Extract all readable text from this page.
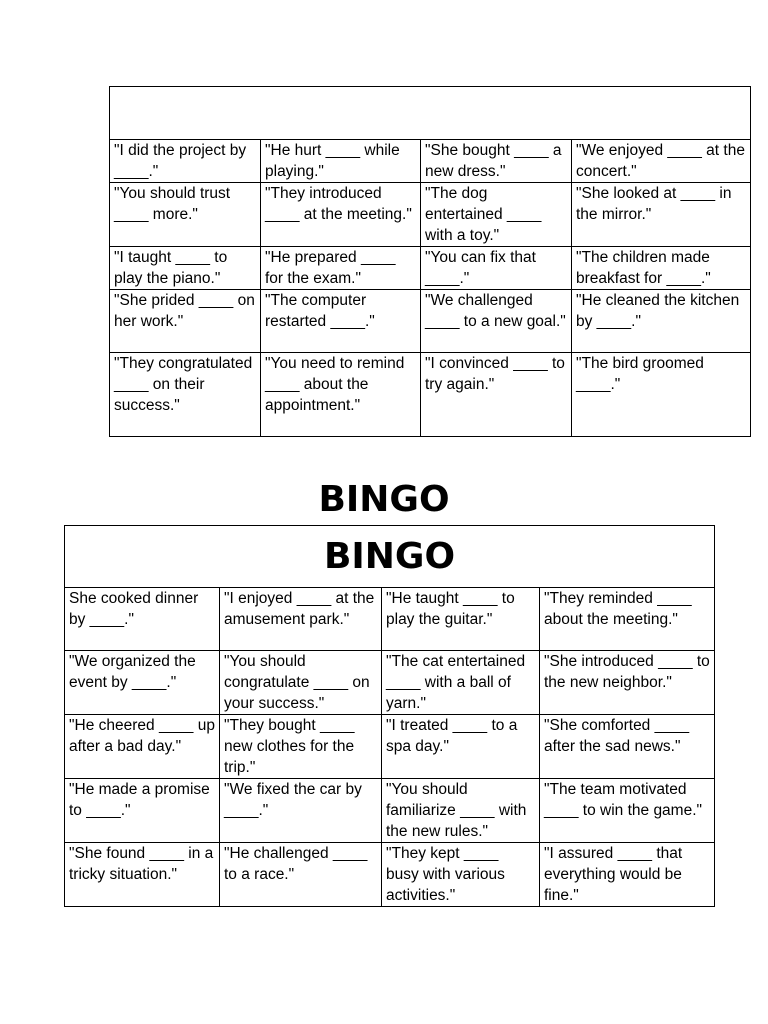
"I did the project by ____."	"He hurt ____ while playing."	"She bought ____ a new dress."	"We enjoyed ____ at the concert."
"You should trust ____ more."	"They introduced ____ at the meeting."	"The dog entertained ____ with a toy."	"She looked at ____ in the mirror."
"I taught ____ to play the piano."	"He prepared ____ for the exam."	"You can fix that ____."	"The children made breakfast for ____."
"She prided ____ on her work."	"The computer restarted ____."	"We challenged ____ to a new goal."	"He cleaned the kitchen by ____."
"They congratulated ____ on their success."	"You need to remind ____ about the appointment."	"I convinced ____ to try again."	"The bird groomed ____."
BINGO
BINGO			

She cooked dinner by ____."	"I enjoyed ____ at the amusement park."	"He taught ____ to play the guitar."	"They reminded ____ about the meeting."
"We organized the event by ____."	"You should congratulate ____ on your success."	"The cat entertained ____ with a ball of yarn."	"She introduced ____ to the new neighbor."
"He cheered ____ up after a bad day."	"They bought ____ new clothes for the trip."	"I treated ____ to a spa day."	"She comforted ____ after the sad news."
"He made a promise to ____."	"We fixed the car by ____."	"You should familiarize ____ with the new rules."	"The team motivated ____ to win the game."
"She found ____ in a tricky situation."	"He challenged ____ to a race."	"They kept ____ busy with various activities."	"I assured ____ that everything would be fine."
